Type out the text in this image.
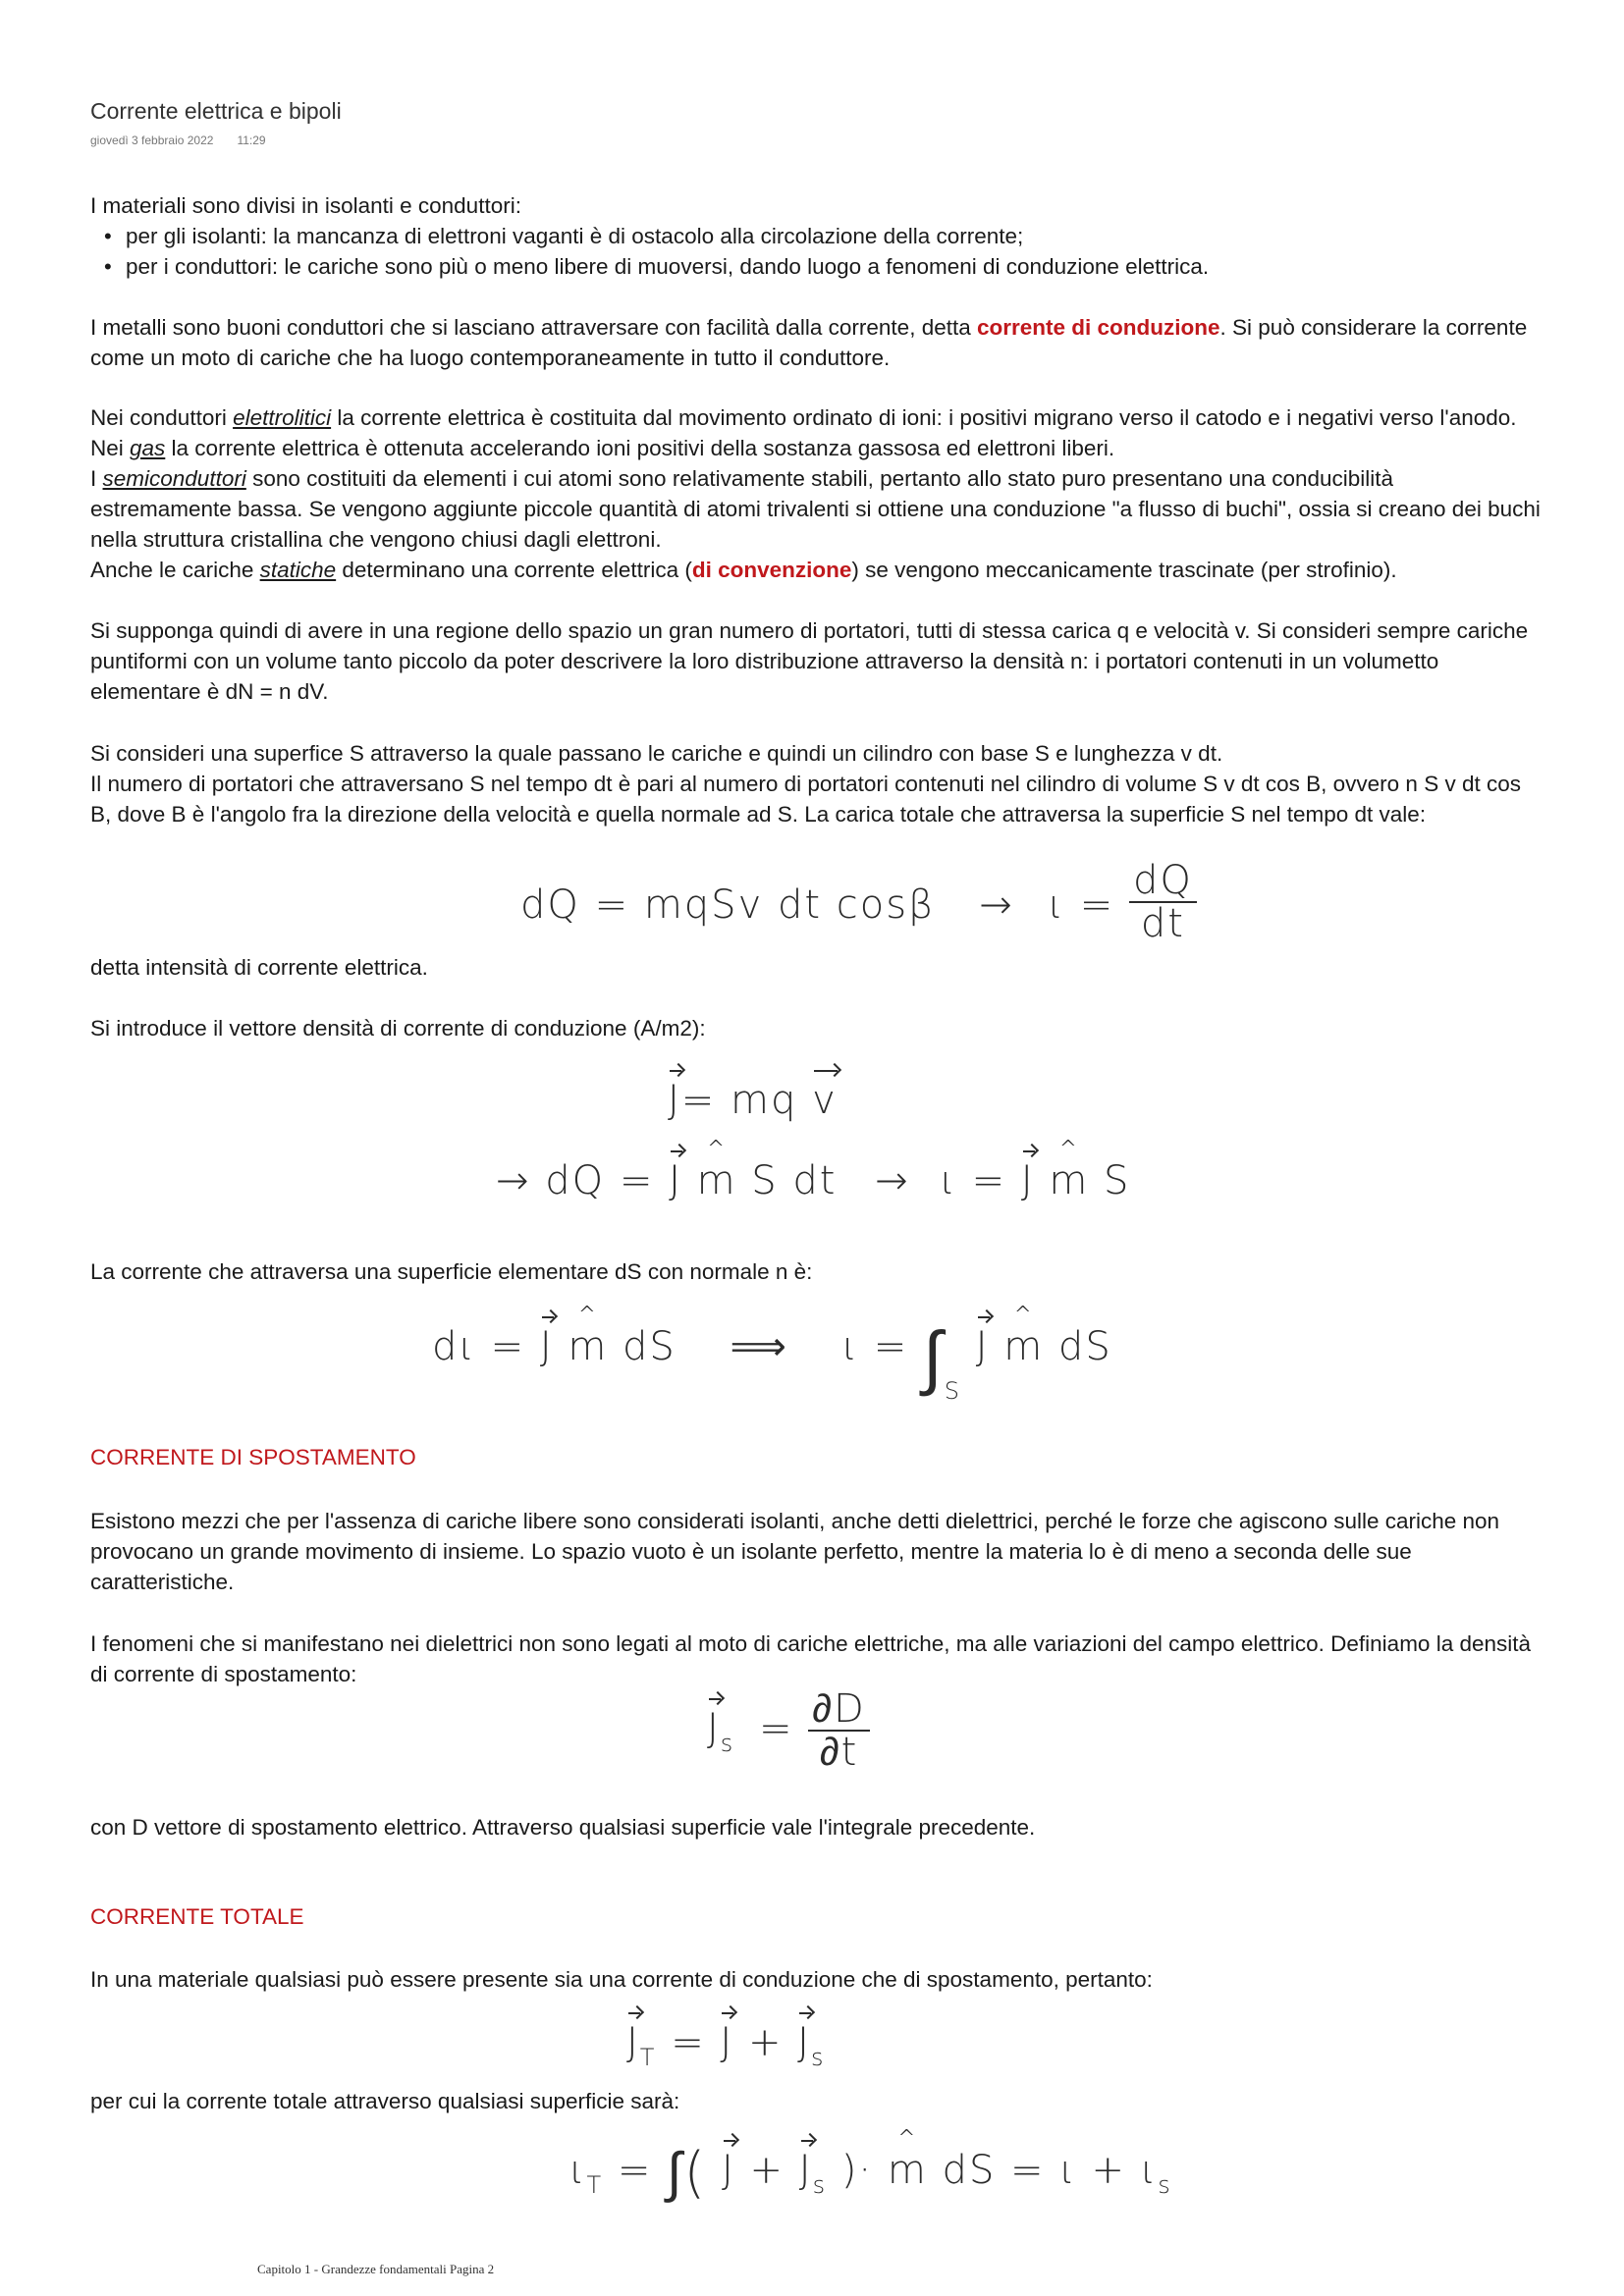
Corrente elettrica e bipoli
giovedì 3 febbraio 2022 11:29
I materiali sono divisi in isolanti e conduttori:
• per gli isolanti: la mancanza di elettroni vaganti è di ostacolo alla circolazione della corrente;
• per i conduttori: le cariche sono più o meno libere di muoversi, dando luogo a fenomeni di conduzione elettrica.

I metalli sono buoni conduttori che si lasciano attraversare con facilità dalla corrente, detta corrente di conduzione. Si può considerare la corrente

come un moto di cariche che ha luogo contemporaneamente in tutto il conduttore.

Nei conduttori elettrolitici la corrente elettrica è costituita dal movimento ordinato di ioni: i positivi migrano verso il catodo e i negativi verso l'anodo.

Nei gas la corrente elettrica è ottenuta accelerando ioni positivi della sostanza gassosa ed elettroni liberi.

I semiconduttori sono costituiti da elementi i cui atomi sono relativamente stabili, pertanto allo stato puro presentano una conducibilità

estremamente bassa. Se vengono aggiunte piccole quantità di atomi trivalenti si ottiene una conduzione "a flusso di buchi", ossia si creano dei buchi

nella struttura cristallina che vengono chiusi dagli elettroni.

Anche le cariche statiche determinano una corrente elettrica (di convenzione) se vengono meccanicamente trascinate (per strofinio).

Si supponga quindi di avere in una regione dello spazio un gran numero di portatori, tutti di stessa carica q e velocità v. Si consideri sempre cariche

puntiformi con un volume tanto piccolo da poter descrivere la loro distribuzione attraverso la densità n: i portatori contenuti in un volumetto

elementare è dN = n dV.

Si consideri una superfice S attraverso la quale passano le cariche e quindi un cilindro con base S e lunghezza v dt.

Il numero di portatori che attraversano S nel tempo dt è pari al numero di portatori contenuti nel cilindro di volume S v dt cos B, ovvero n S v dt cos

B, dove B è l'angolo fra la direzione della velocità e quella normale ad S. La carica totale che attraversa la superficie S nel tempo dt vale:

dQ = mqSv dt $\cos\beta \to \iota = \frac{dQ}{dt}$
detta intensità di corrente elettrica.
Si introduce il vettore densità di corrente di conduzione (A/m2):
J= mq v
→ dQ = J m ^ S dt → ι = J m ^ S
La corrente che attraversa una superficie elementare dS con normale n è:
dι = J m ^ dS ⟹ $\iota = \int_S$ J m ^ dS
CORRENTE DI SPOSTAMENTO

Esistono mezzi che per l'assenza di cariche libere sono considerati isolanti, anche detti dielettrici, perché le forze che agiscono sulle cariche non

provocano un grande movimento di insieme. Lo spazio vuoto è un isolante perfetto, mentre la materia lo è di meno a seconda delle sue

caratteristiche.

I fenomeni che si manifestano nei dielettrici non sono legati al moto di cariche elettriche, ma alle variazioni del campo elettrico. Definiamo la densità

di corrente di spostamento:

$J_s = \frac{\partial D}{\partial t}$
con D vettore di spostamento elettrico. Attraverso qualsiasi superficie vale l'integrale precedente.
CORRENTE TOTALE
In una materiale qualsiasi può essere presente sia una corrente di conduzione che di spostamento, pertanto:
$J_T = J + J_s$
per cui la corrente totale attraverso qualsiasi superficie sarà:
$\iota_T$ = ∫( $J + J_s$ )· m ^ dS = $\iota + \iota_s$
Capitolo 1 - Grandezze fondamentali Pagina 2
